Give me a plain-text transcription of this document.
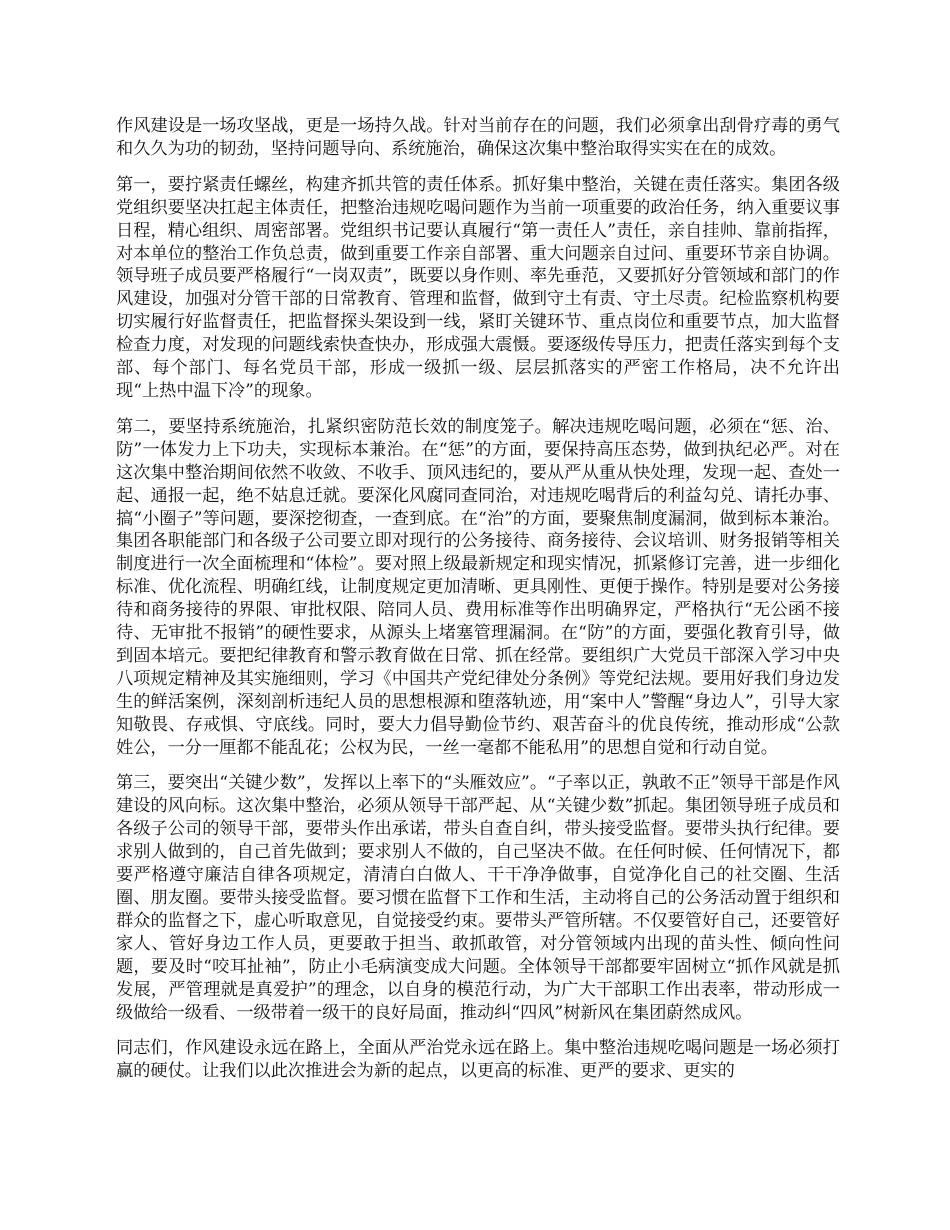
作风建设是一场攻坚战，更是一场持久战。针对当前存在的问题，我们必须拿出刮骨疗毒的勇气和久久为功的韧劲，坚持问题导向、系统施治，确保这次集中整治取得实实在在的成效。

第一，要拧紧责任螺丝，构建齐抓共管的责任体系。抓好集中整治，关键在责任落实。集团各级党组织要坚决扛起主体责任，把整治违规吃喝问题作为当前一项重要的政治任务，纳入重要议事日程，精心组织、周密部署。党组织书记要认真履行“第一责任人”责任，亲自挂帅、靠前指挥，对本单位的整治工作负总责，做到重要工作亲自部署、重大问题亲自过问、重要环节亲自协调。领导班子成员要严格履行“一岗双责”，既要以身作则、率先垂范，又要抓好分管领域和部门的作风建设，加强对分管干部的日常教育、管理和监督，做到守土有责、守土尽责。纪检监察机构要切实履行好监督责任，把监督探头架设到一线，紧盯关键环节、重点岗位和重要节点，加大监督检查力度，对发现的问题线索快查快办，形成强大震慑。要逐级传导压力，把责任落实到每个支部、每个部门、每名党员干部，形成一级抓一级、层层抓落实的严密工作格局，决不允许出现“上热中温下冷”的现象。

第二，要坚持系统施治，扎紧织密防范长效的制度笼子。解决违规吃喝问题，必须在“惩、治、防”一体发力上下功夫，实现标本兼治。在“惩”的方面，要保持高压态势，做到执纪必严。对在这次集中整治期间依然不收敛、不收手、顶风违纪的，要从严从重从快处理，发现一起、查处一起、通报一起，绝不姑息迁就。要深化风腐同查同治，对违规吃喝背后的利益勾兑、请托办事、搞“小圈子”等问题，要深挖彻查，一查到底。在“治”的方面，要聚焦制度漏洞，做到标本兼治。集团各职能部门和各级子公司要立即对现行的公务接待、商务接待、会议培训、财务报销等相关制度进行一次全面梳理和“体检”。要对照上级最新规定和现实情况，抓紧修订完善，进一步细化标准、优化流程、明确红线，让制度规定更加清晰、更具刚性、更便于操作。特别是要对公务接待和商务接待的界限、审批权限、陪同人员、费用标准等作出明确界定，严格执行“无公函不接待、无审批不报销”的硬性要求，从源头上堵塞管理漏洞。在“防”的方面，要强化教育引导，做到固本培元。要把纪律教育和警示教育做在日常、抓在经常。要组织广大党员干部深入学习中央八项规定精神及其实施细则，学习《中国共产党纪律处分条例》等党纪法规。要用好我们身边发生的鲜活案例，深刻剖析违纪人员的思想根源和堕落轨迹，用“案中人”警醒“身边人”，引导大家知敬畏、存戒惧、守底线。同时，要大力倡导勤俭节约、艰苦奋斗的优良传统，推动形成“公款姓公，一分一厘都不能乱花；公权为民，一丝一毫都不能私用”的思想自觉和行动自觉。

第三，要突出“关键少数”，发挥以上率下的“头雁效应”。“子率以正，孰敢不正”领导干部是作风建设的风向标。这次集中整治，必须从领导干部严起、从“关键少数”抓起。集团领导班子成员和各级子公司的领导干部，要带头作出承诺，带头自查自纠，带头接受监督。要带头执行纪律。要求别人做到的，自己首先做到；要求别人不做的，自己坚决不做。在任何时候、任何情况下，都要严格遵守廉洁自律各项规定，清清白白做人、干干净净做事，自觉净化自己的社交圈、生活圈、朋友圈。要带头接受监督。要习惯在监督下工作和生活，主动将自己的公务活动置于组织和群众的监督之下，虚心听取意见，自觉接受约束。要带头严管所辖。不仅要管好自己，还要管好家人、管好身边工作人员，更要敢于担当、敢抓敢管，对分管领域内出现的苗头性、倾向性问题，要及时“咬耳扯袖”，防止小毛病演变成大问题。全体领导干部都要牢固树立“抓作风就是抓发展，严管理就是真爱护”的理念，以自身的模范行动，为广大干部职工作出表率，带动形成一级做给一级看、一级带着一级干的良好局面，推动纠“四风”树新风在集团蔚然成风。

同志们，作风建设永远在路上，全面从严治党永远在路上。集中整治违规吃喝问题是一场必须打赢的硬仗。让我们以此次推进会为新的起点，以更高的标准、更严的要求、更实的
